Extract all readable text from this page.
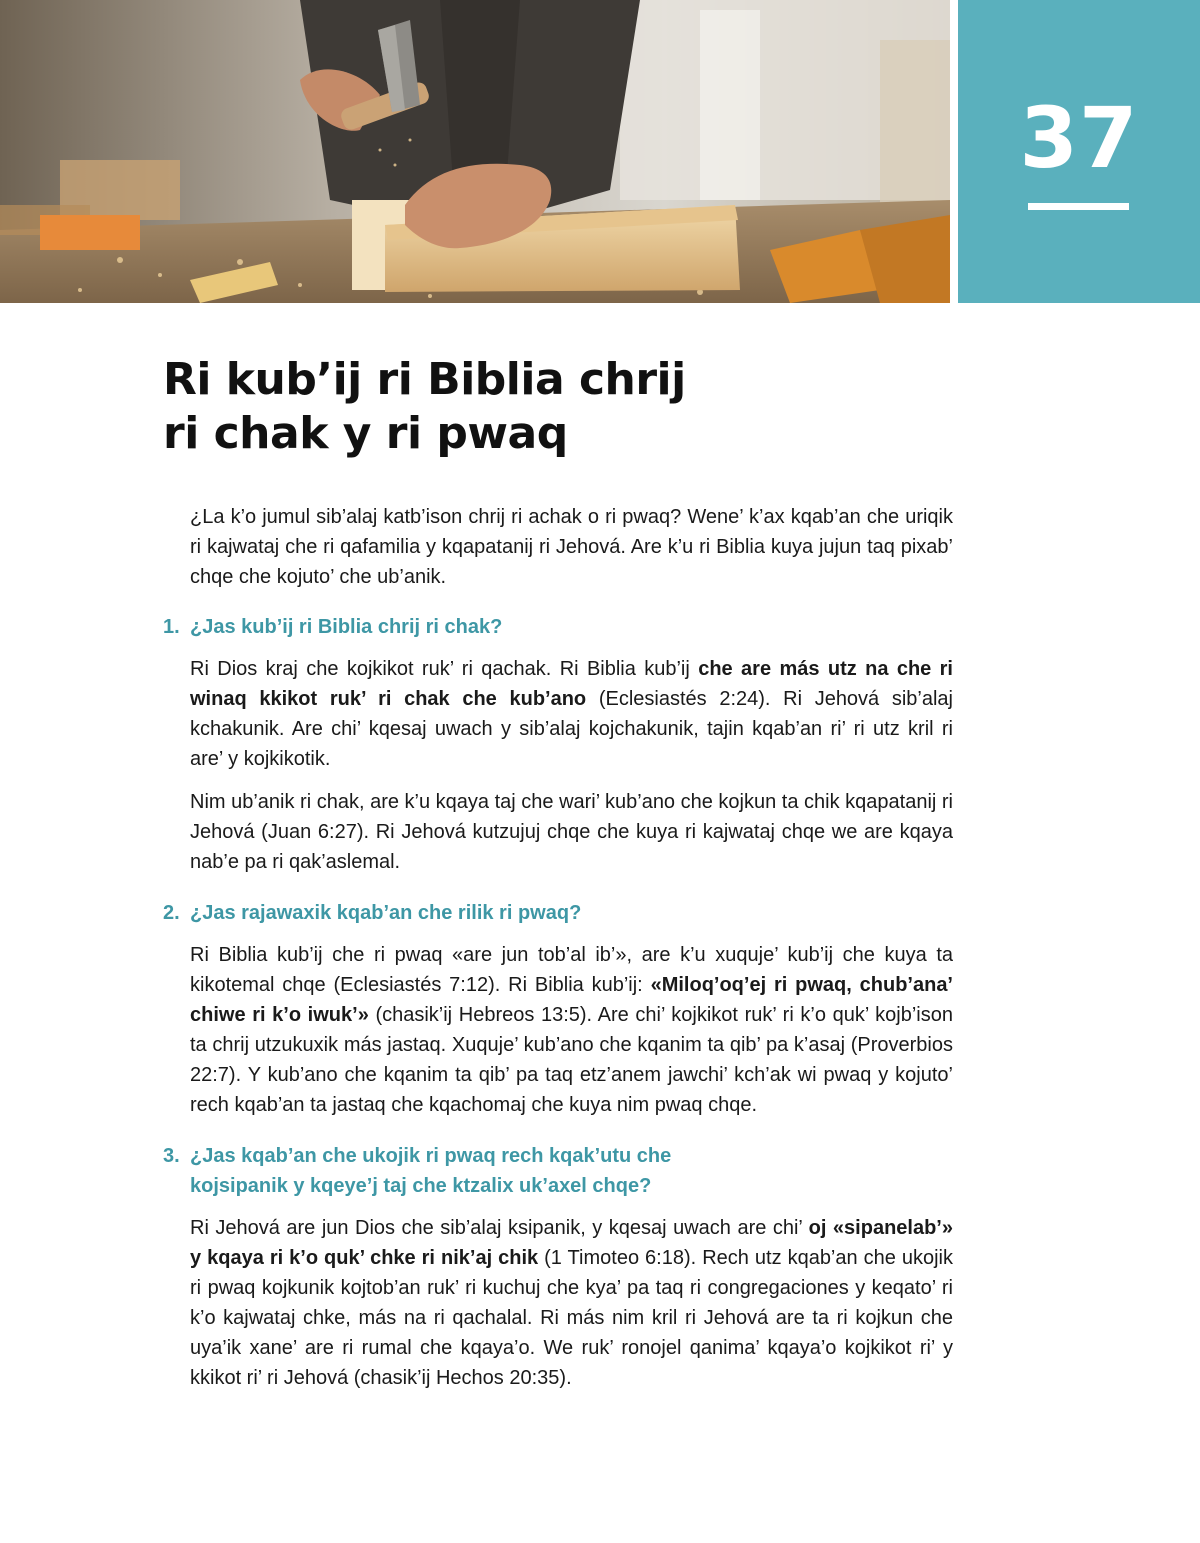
37
Ri kub’ij ri Biblia chrij
ri chak y ri pwaq

¿La k’o jumul sib’alaj katb’ison chrij ri achak o ri pwaq? Wene’ k’ax kqab’an che uriqik ri kajwataj che ri qafamilia y kqapatanij ri Jehová. Are k’u ri Biblia kuya jujun taq pixab’ chqe che kojuto’ che ub’anik.

1. ¿Jas kub’ij ri Biblia chrij ri chak?

Ri Dios kraj che kojkikot ruk’ ri qachak. Ri Biblia kub’ij che are más utz na che ri winaq kkikot ruk’ ri chak che kub’ano (Eclesiastés 2:24). Ri Jehová sib’alaj kchakunik. Are chi’ kqesaj uwach y sib’alaj kojchakunik, tajin kqab’an ri’ ri utz kril ri are’ y kojkikotik.

Nim ub’anik ri chak, are k’u kqaya taj che wari’ kub’ano che kojkun ta chik kqapatanij ri Jehová (Juan 6:27). Ri Jehová kutzujuj chqe che kuya ri kajwataj chqe we are kqaya nab’e pa ri qak’aslemal.

2. ¿Jas rajawaxik kqab’an che rilik ri pwaq?

Ri Biblia kub’ij che ri pwaq «are jun tob’al ib’», are k’u xuquje’ kub’ij che kuya ta kikotemal chqe (Eclesiastés 7:12). Ri Biblia kub’ij: «Miloq’oq’ej ri pwaq, chub’ana’ chiwe ri k’o iwuk’» (chasik’ij Hebreos 13:5). Are chi’ kojkikot ruk’ ri k’o quk’ kojb’ison ta chrij utzukuxik más jastaq. Xuquje’ kub’ano che kqanim ta qib’ pa k’asaj (Proverbios 22:7). Y kub’ano che kqanim ta qib’ pa taq etz’anem jawchi’ kch’ak wi pwaq y kojuto’ rech kqab’an ta jastaq che kqachomaj che kuya nim pwaq chqe.

3. ¿Jas kqab’an che ukojik ri pwaq rech kqak’utu che
kojsipanik y kqeye’j taj che ktzalix uk’axel chqe?

Ri Jehová are jun Dios che sib’alaj ksipanik, y kqesaj uwach are chi’ oj «sipanelab’» y kqaya ri k’o quk’ chke ri nik’aj chik (1 Timoteo 6:18). Rech utz kqab’an che ukojik ri pwaq kojkunik kojtob’an ruk’ ri kuchuj che kya’ pa taq ri congregaciones y keqato’ ri k’o kajwataj chke, más na ri qachalal. Ri más nim kril ri Jehová are ta ri kojkun che uya’ik xane’ are ri rumal che kqaya’o. We ruk’ ronojel qanima’ kqaya’o kojkikot ri’ y kkikot ri’ ri Jehová (chasik’ij Hechos 20:35).
